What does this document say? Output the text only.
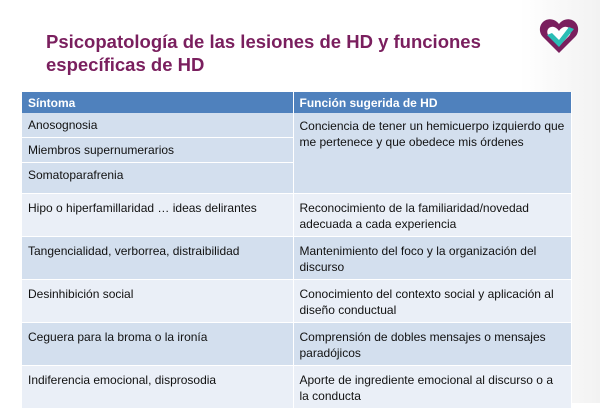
Psicopatología de las lesiones de HD y funciones
específicas de HD
Síntoma	Función sugerida de HD
Anosognosia	Conciencia de tener un hemicuerpo izquierdo que me pertenece y que obedece mis órdenes
Miembros supernumerarios	
Somatoparafrenia	
Hipo o hiperfamillaridad … ideas delirantes	Reconocimiento de la familiaridad/novedad adecuada a cada experiencia
Tangencialidad, verborrea, distraibilidad	Mantenimiento del foco y la organización del discurso
Desinhibición social	Conocimiento del contexto social y aplicación al diseño conductual
Ceguera para la broma o la ironía	Comprensión de dobles mensajes o mensajes paradójicos
Indiferencia emocional, disprosodia	Aporte de ingrediente emocional al discurso o a la conducta
